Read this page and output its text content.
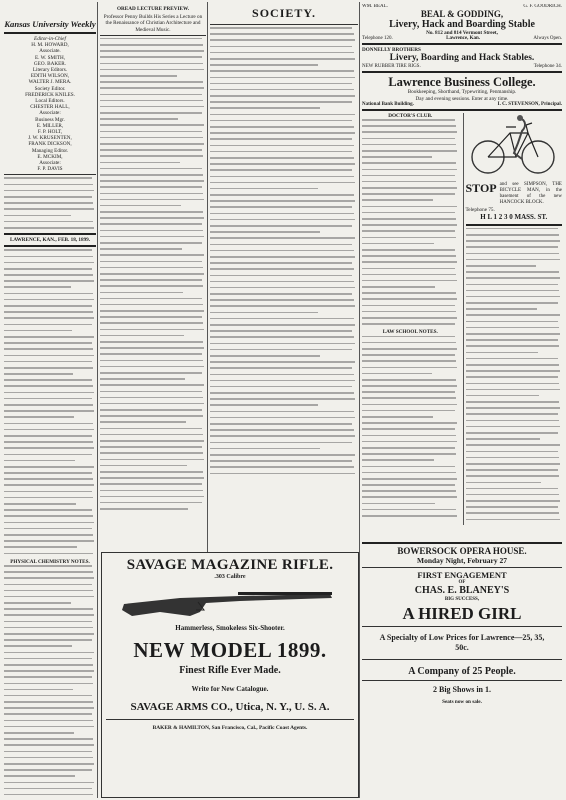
Kansas University Weekly

Editor-in-Chief

H. M. HOWARD,

Associate.

E. W. SMITH,

GEO. BAKER.

Literary Editors.

EDITH WILSON,

WALTER J. MERA.

Society Editor.

FREDERICK KNILES.

Local Editors.

CHESTER HALL,

Associate:

Business Mgr.

E. MILLER,

F. P. HOLT,

J. W. KRUSENTEN,

FRANK DICKSON,

Managing Editor.

E. MCKIM,

Associate:

F. P. DAVIS

LAWRENCE, KAN., FEB. 18, 1899.

PHYSICAL CHEMISTRY NOTES.

OREAD LECTURE PREVIEW.

Professor Penny Builds His Series a Lecture on the Renaissance of Christian Architecture and Medieval Music.

SOCIETY.	WM. BEAL.	G. F. GOODRICH.
BEAL & GODDING,
Livery, Hack and Boarding Stable

No. 812 and 814 Vermont Street,

Telephone 120.	Lawrence, Kan.	Always Open.

DONNELLY BROTHERS

Livery, Boarding and Hack Stables.
NEW RUBBER TIRE RIGS.	Telephone 34.
Lawrence Business College.

Bookkeeping, Shorthand, Typewriting, Penmanship.

Day and evening sessions. Enter at any time.

National Bank Building.	I. C. STEVENSON, Principal.

DOCTOR'S CLUB.

LAW SCHOOL NOTES.

STOP and see SIMPSON, THE BICYCLE MAN, in the basement of the new HANCOCK BLOCK.

Telephone 75.

H L 1 2 3 0 MASS. ST.

SAVAGE MAGAZINE RIFLE.
.303 Calibre
Hammerless, Smokeless Six-Shooter.
NEW MODEL 1899.
Finest Rifle Ever Made.
Write for New Catalogue.
SAVAGE ARMS CO., Utica, N. Y., U. S. A.
BAKER & HAMILTON, San Francisco, Cal., Pacific Coast Agents.
BOWERSOCK OPERA HOUSE.
Monday Night, February 27
FIRST ENGAGEMENT
OF
CHAS. E. BLANEY'S
BIG SUCCESS,
A HIRED GIRL
A Specialty of Low Prices for Lawrence—25, 35, 50c.
A Company of 25 People.
2 Big Shows in 1.
Seats now on sale.
